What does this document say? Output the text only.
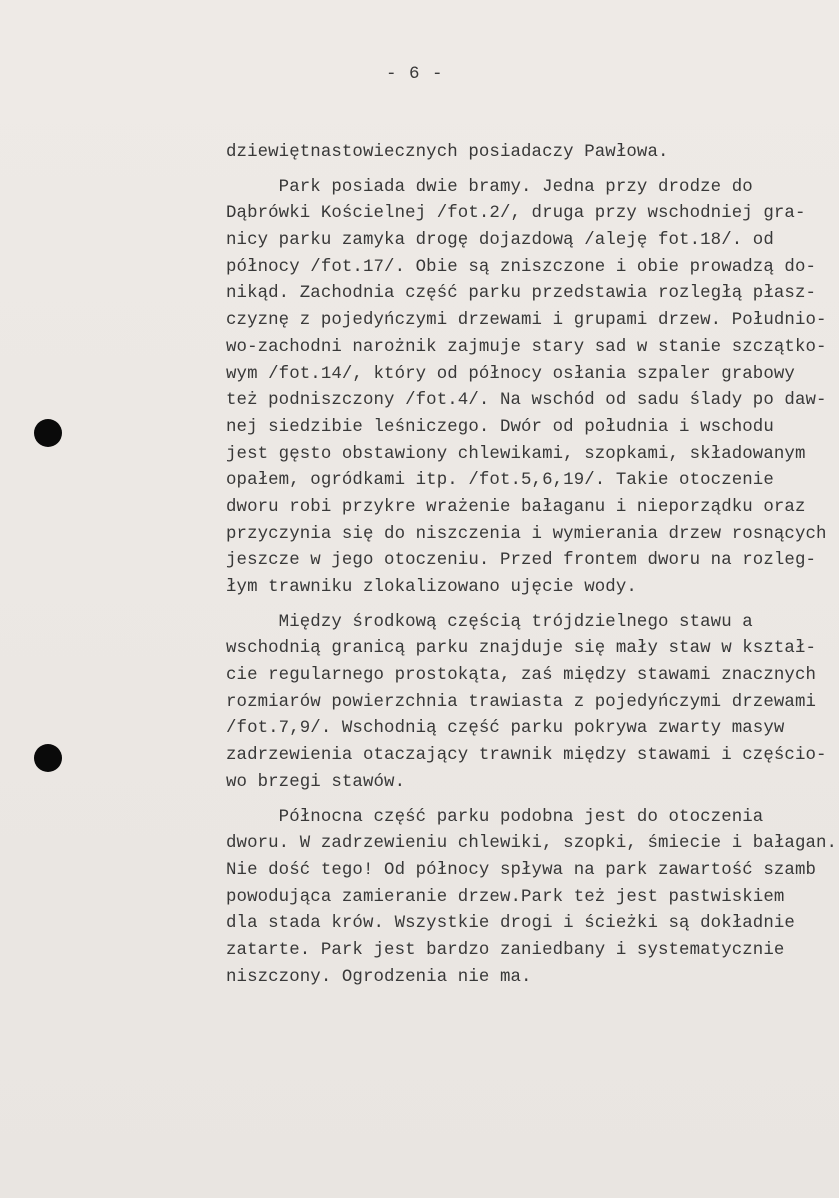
- 6 -
dziewiętnastowiecznych posiadaczy Pawłowa.
Park posiada dwie bramy. Jedna przy drodze do
Dąbrówki Kościelnej /fot.2/, druga przy wschodniej gra-
nicy parku zamyka drogę dojazdową /aleję fot.18/. od
północy /fot.17/. Obie są zniszczone i obie prowadzą do-
nikąd. Zachodnia część parku przedstawia rozległą płasz-
czyznę z pojedyńczymi drzewami i grupami drzew. Południo-
wo-zachodni narożnik zajmuje stary sad w stanie szczątko-
wym /fot.14/, który od północy osłania szpaler grabowy
też podniszczony /fot.4/. Na wschód od sadu ślady po daw-
nej siedzibie leśniczego. Dwór od południa i wschodu
jest gęsto obstawiony chlewikami, szopkami, składowanym
opałem, ogródkami itp. /fot.5,6,19/. Takie otoczenie
dworu robi przykre wrażenie bałaganu i nieporządku oraz
przyczynia się do niszczenia i wymierania drzew rosnących
jeszcze w jego otoczeniu. Przed frontem dworu na rozleg-
łym trawniku zlokalizowano ujęcie wody.
Między środkową częścią trójdzielnego stawu a
wschodnią granicą parku znajduje się mały staw w kształ-
cie regularnego prostokąta, zaś między stawami znacznych
rozmiarów powierzchnia trawiasta z pojedyńczymi drzewami
/fot.7,9/. Wschodnią część parku pokrywa zwarty masyw
zadrzewienia otaczający trawnik między stawami i częścio-
wo brzegi stawów.
Północna część parku podobna jest do otoczenia
dworu. W zadrzewieniu chlewiki, szopki, śmiecie i bałagan.
Nie dość tego! Od północy spływa na park zawartość szamb
powodująca zamieranie drzew.Park też jest pastwiskiem
dla stada krów. Wszystkie drogi i ścieżki są dokładnie
zatarte. Park jest bardzo zaniedbany i systematycznie
niszczony. Ogrodzenia nie ma.
